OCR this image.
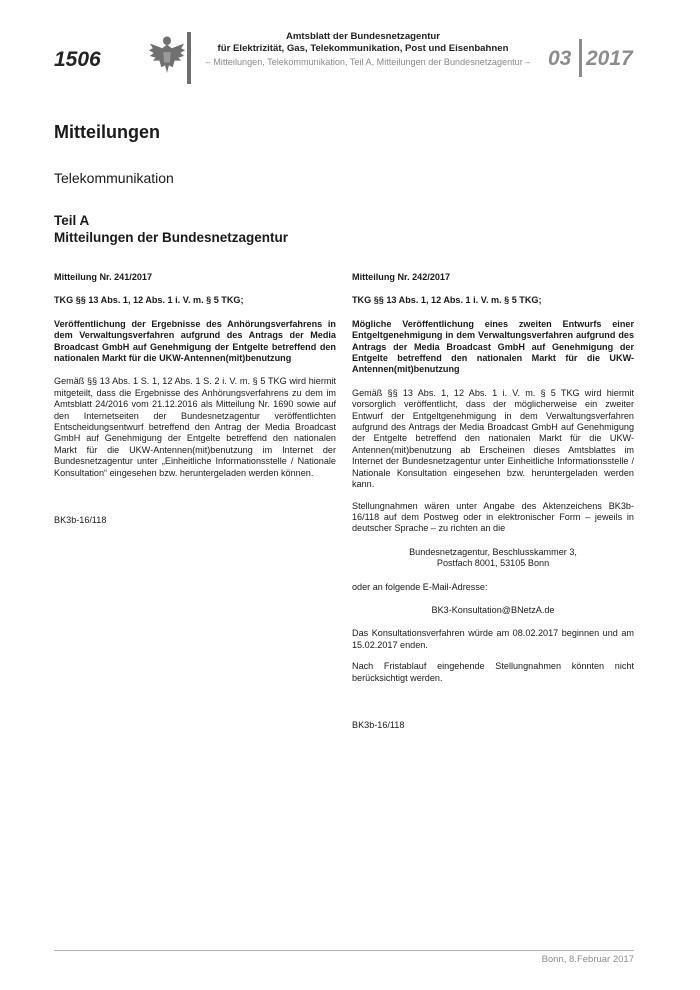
1506
Amtsblatt der Bundesnetzagentur
für Elektrizität, Gas, Telekommunikation, Post und Eisenbahnen
– Mitteilungen, Telekommunikation, Teil A, Mitteilungen der Bundesnetzagentur – 03 2017
Mitteilungen
Telekommunikation
Teil A
Mitteilungen der Bundesnetzagentur

Mitteilung Nr. 241/2017

TKG §§ 13 Abs. 1, 12 Abs. 1 i. V. m. § 5 TKG;

Veröffentlichung der Ergebnisse des Anhörungsverfahrens in dem Verwaltungsverfahren aufgrund des Antrags der Media Broadcast GmbH auf Genehmigung der Entgelte betreffend den nationalen Markt für die UKW-Antennen(mit)benutzung

Gemäß §§ 13 Abs. 1 S. 1, 12 Abs. 1 S. 2 i. V. m. § 5 TKG wird hiermit mitgeteilt, dass die Ergebnisse des Anhörungsverfahrens zu dem im Amtsblatt 24/2016 vom 21.12.2016 als Mitteilung Nr. 1690 sowie auf den Internetseiten der Bundesnetzagentur veröffentlichten Entscheidungsentwurf betreffend den Antrag der Media Broadcast GmbH auf Genehmigung der Entgelte betreffend den nationalen Markt für die UKW-Antennen(mit)benutzung im Internet der Bundesnetzagentur unter „Einheitliche Informationsstelle / Nationale Konsultation“ eingesehen bzw. heruntergeladen werden können.

BK3b-16/118

Mitteilung Nr. 242/2017

TKG §§ 13 Abs. 1, 12 Abs. 1 i. V. m. § 5 TKG;

Mögliche Veröffentlichung eines zweiten Entwurfs einer Entgeltgenehmigung in dem Verwaltungsverfahren aufgrund des Antrags der Media Broadcast GmbH auf Genehmigung der Entgelte betreffend den nationalen Markt für die UKW-Antennen(mit)benutzung

Gemäß §§ 13 Abs. 1, 12 Abs. 1 i. V. m. § 5 TKG wird hiermit vorsorglich veröffentlicht, dass der möglicherweise ein zweiter Entwurf der Entgeltgenehmigung in dem Verwaltungsverfahren aufgrund des Antrags der Media Broadcast GmbH auf Genehmigung der Entgelte betreffend den nationalen Markt für die UKW-Antennen(mit)benutzung ab Erscheinen dieses Amtsblattes im Internet der Bundesnetzagentur unter Einheitliche Informationsstelle / Nationale Konsultation eingesehen bzw. heruntergeladen werden kann.

Stellungnahmen wären unter Angabe des Aktenzeichens BK3b-16/118 auf dem Postweg oder in elektronischer Form – jeweils in deutscher Sprache – zu richten an die

Bundesnetzagentur, Beschlusskammer 3,
Postfach 8001, 53105 Bonn

oder an folgende E-Mail-Adresse:

BK3-Konsultation@BNetzA.de

Das Konsultationsverfahren würde am 08.02.2017 beginnen und am 15.02.2017 enden.

Nach Fristablauf eingehende Stellungnahmen könnten nicht berücksichtigt werden.

BK3b-16/118

Bonn, 8.Februar 2017
